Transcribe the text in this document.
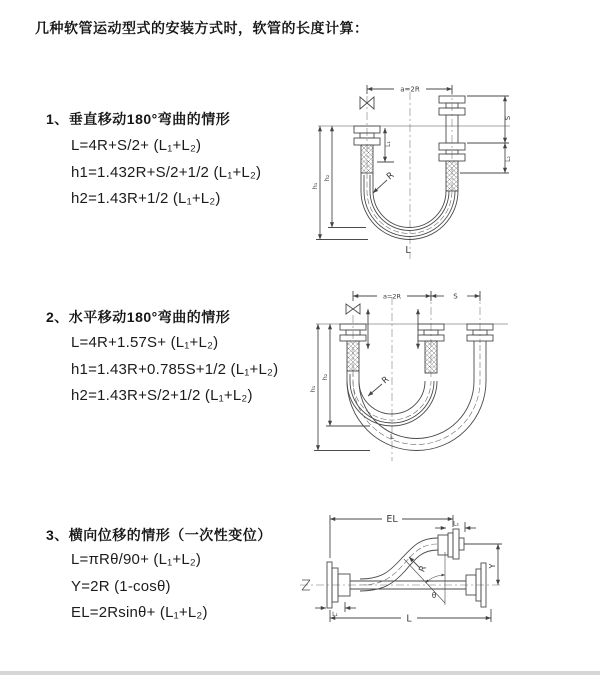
几种软管运动型式的安装方式时，软管的长度计算：
1、垂直移动180°弯曲的情形
L=4R+S/2+ (L₁+L₂)
h1=1.432R+S/2+1/2 (L₁+L₂)
h2=1.43R+1/2 (L₁+L₂)
2、水平移动180°弯曲的情形
L=4R+1.57S+ (L₁+L₂)
h1=1.43R+0.785S+1/2 (L₁+L₂)
h2=1.43R+S/2+1/2 (L₁+L₂)
3、横向位移的情形（一次性变位）
L=πRθ/90+ (L₁+L₂)
Y=2R (1-cosθ)
EL=2Rsinθ+ (L₁+L₂)
a=2R
h₁
h₂
L₁
S
L₂
R
L
a=2R	S
h₁
h₂	R
L
R
θ
Y
EL	L₂
L
L₁
